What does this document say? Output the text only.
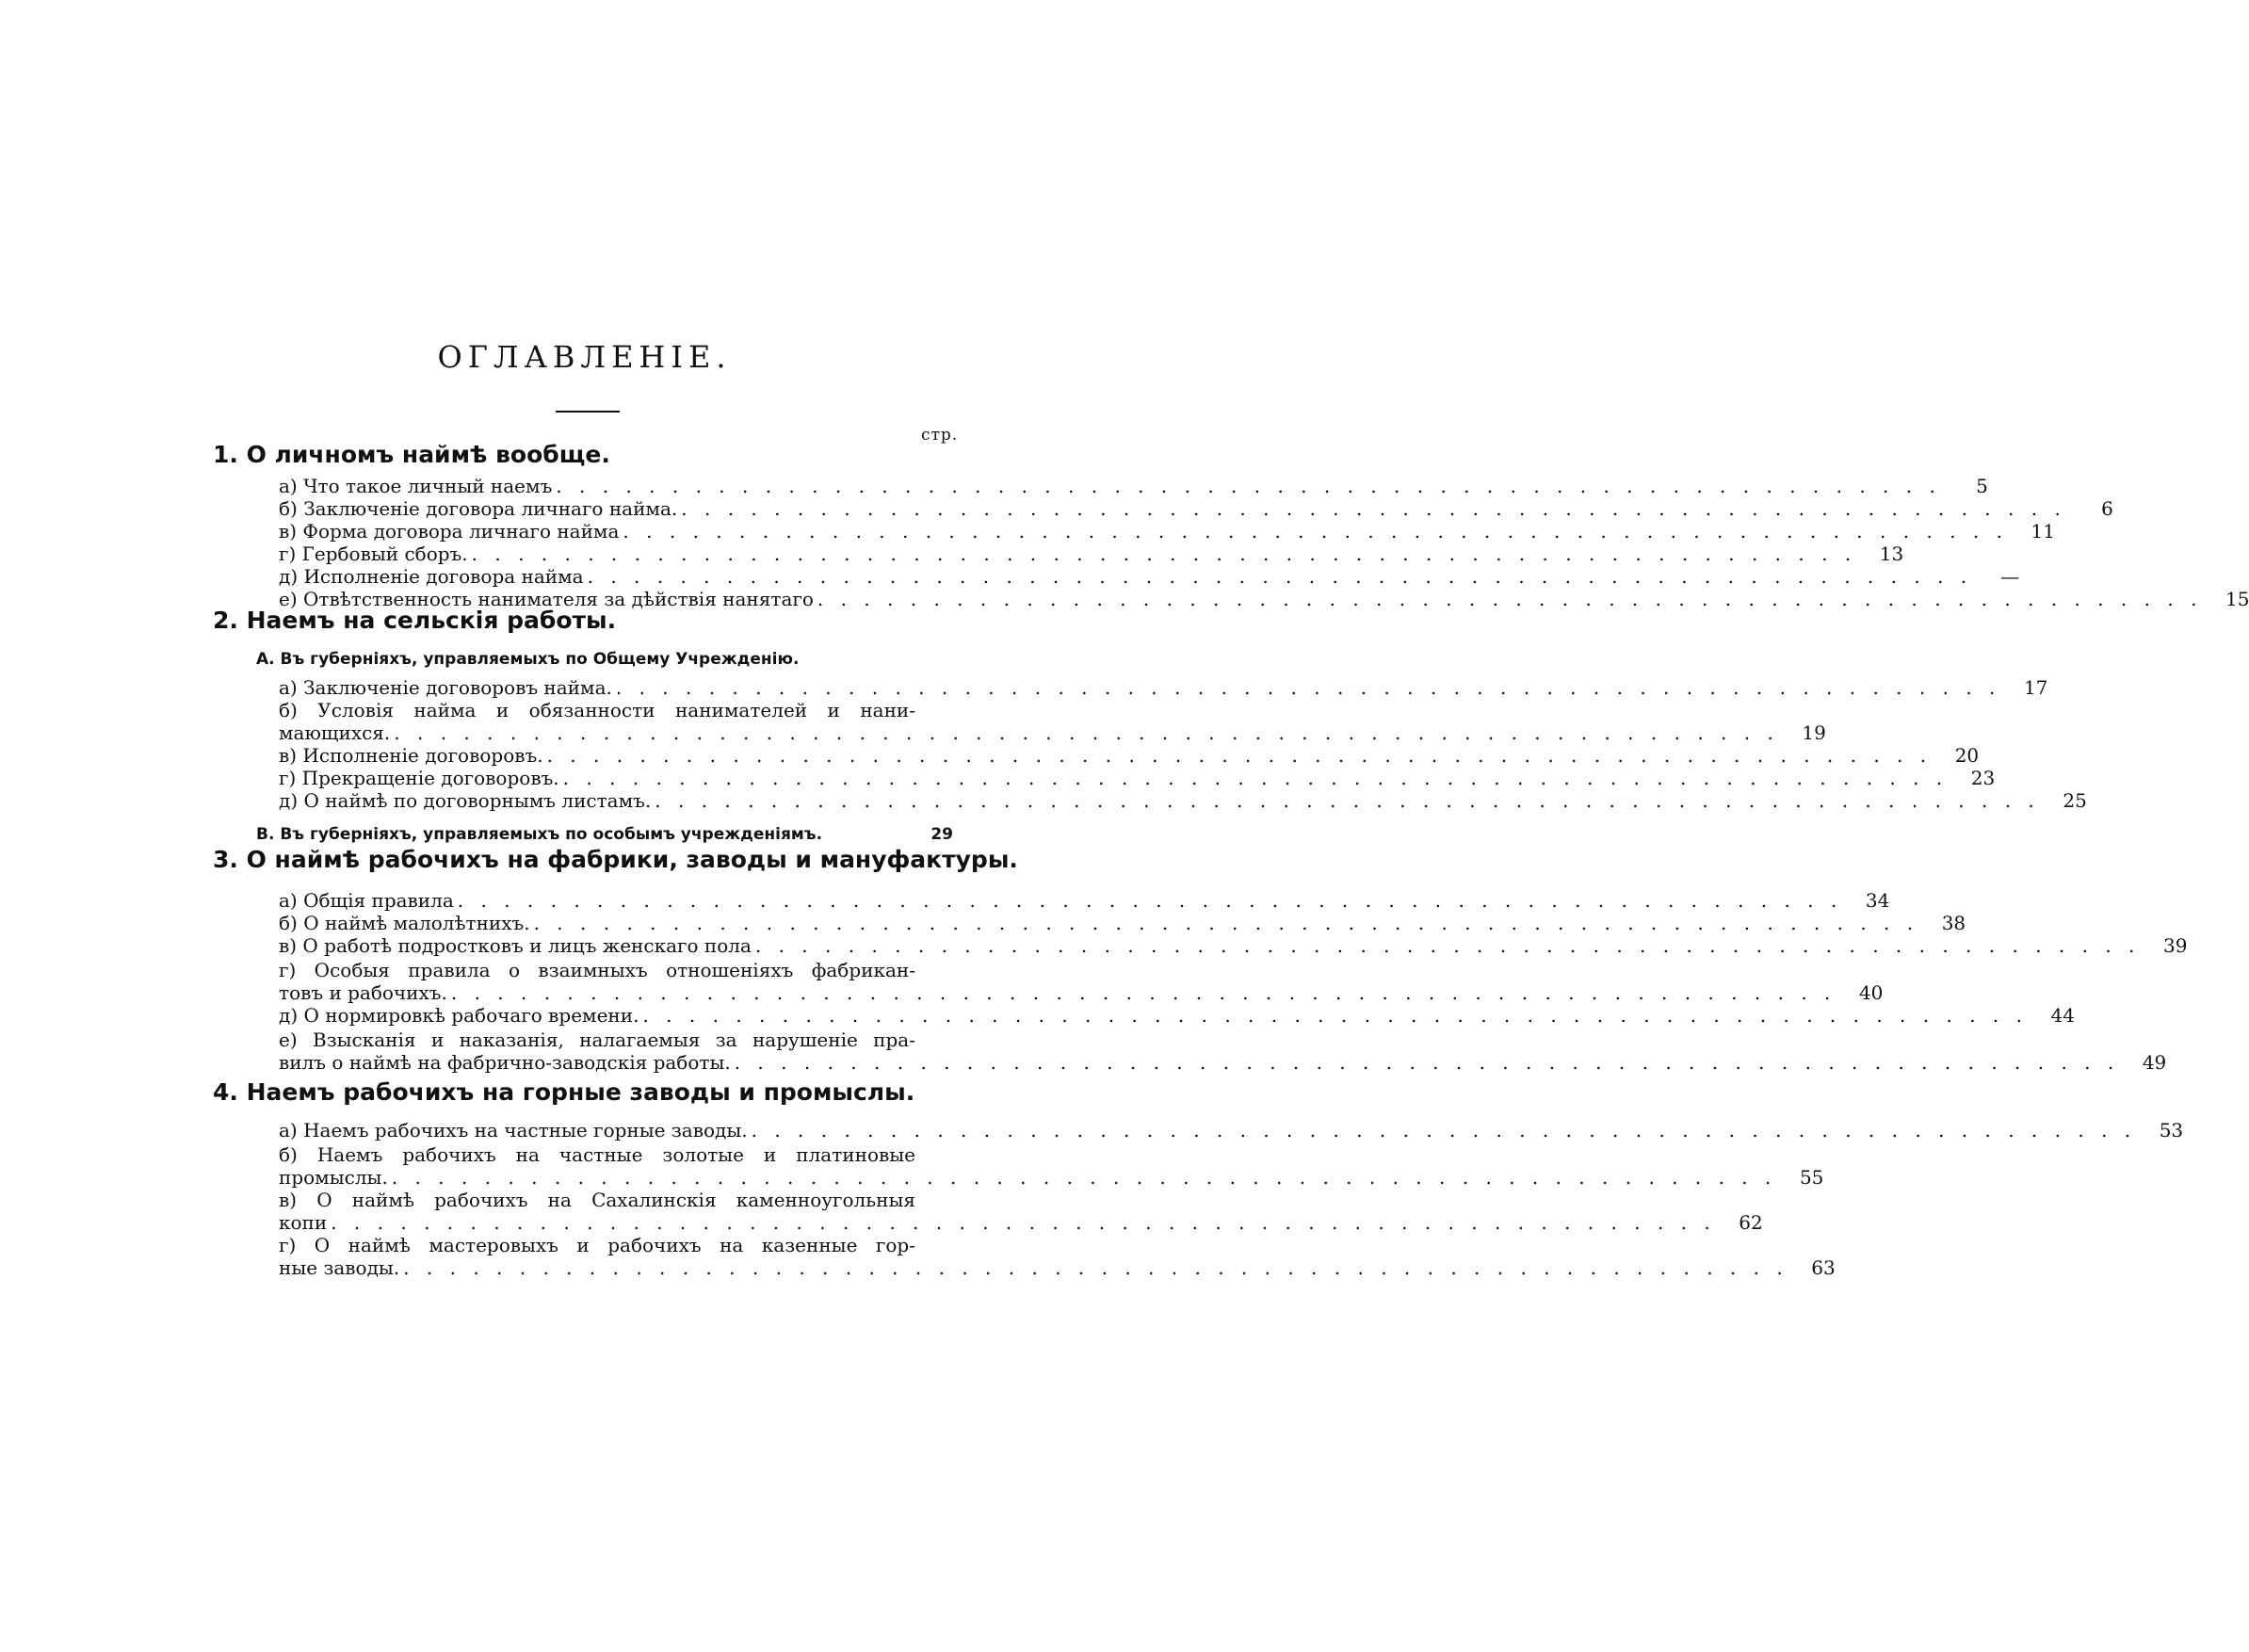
ОГЛАВЛЕНІЕ.
стр.
1. О личномъ наймѣ вообще.
а) Что такое личный наемъ . . . . . . . . . . . . . . . . . . . . . . . . . . . . . . . . . . . . . . . . . . . . . . . . . . . . . . . . . . . .	5
б) Заключеніе договора личнаго найма. . . . . . . . . . . . . . . . . . . . . . . . . . . . . . . . . . . . . . . . . . . . . . . . . . . . . . . . . . . . .	6
в) Форма договора личнаго найма . . . . . . . . . . . . . . . . . . . . . . . . . . . . . . . . . . . . . . . . . . . . . . . . . . . . . . . . . . . .	11
г) Гербовый сборъ. . . . . . . . . . . . . . . . . . . . . . . . . . . . . . . . . . . . . . . . . . . . . . . . . . . . . . . . . . . . .	13
д) Исполненіе договора найма . . . . . . . . . . . . . . . . . . . . . . . . . . . . . . . . . . . . . . . . . . . . . . . . . . . . . . . . . . . .	—
е) Отвѣтственность нанимателя за дѣйствія нанятаго . . . . . . . . . . . . . . . . . . . . . . . . . . . . . . . . . . . . . . . . . . . . . . . . . . . . . . . . . . . .	15
2. Наемъ на сельскія работы.
А. Въ губерніяхъ, управляемыхъ по Общему Учрежденію.
а) Заключеніе договоровъ найма. . . . . . . . . . . . . . . . . . . . . . . . . . . . . . . . . . . . . . . . . . . . . . . . . . . . . . . . . . . . .	17
б) Условія найма и обязанности нанимателей и нани-
мающихся. . . . . . . . . . . . . . . . . . . . . . . . . . . . . . . . . . . . . . . . . . . . . . . . . . . . . . . . . . . . .	19
в) Исполненіе договоровъ. . . . . . . . . . . . . . . . . . . . . . . . . . . . . . . . . . . . . . . . . . . . . . . . . . . . . . . . . . . . .	20
г) Прекращеніе договоровъ. . . . . . . . . . . . . . . . . . . . . . . . . . . . . . . . . . . . . . . . . . . . . . . . . . . . . . . . . . . . .	23
д) О наймѣ по договорнымъ листамъ. . . . . . . . . . . . . . . . . . . . . . . . . . . . . . . . . . . . . . . . . . . . . . . . . . . . . . . . . . . . .	25
В. Въ губерніяхъ, управляемыхъ по особымъ учрежденіямъ.	29
3. О наймѣ рабочихъ на фабрики, заводы и мануфактуры.
а) Общія правила . . . . . . . . . . . . . . . . . . . . . . . . . . . . . . . . . . . . . . . . . . . . . . . . . . . . . . . . . . . .	34
б) О наймѣ малолѣтнихъ. . . . . . . . . . . . . . . . . . . . . . . . . . . . . . . . . . . . . . . . . . . . . . . . . . . . . . . . . . . . .	38
в) О работѣ подростковъ и лицъ женскаго пола . . . . . . . . . . . . . . . . . . . . . . . . . . . . . . . . . . . . . . . . . . . . . . . . . . . . . . . . . . . .	39
г) Особыя правила о взаимныхъ отношеніяхъ фабрикан-
товъ и рабочихъ. . . . . . . . . . . . . . . . . . . . . . . . . . . . . . . . . . . . . . . . . . . . . . . . . . . . . . . . . . . . .	40
д) О нормировкѣ рабочаго времени. . . . . . . . . . . . . . . . . . . . . . . . . . . . . . . . . . . . . . . . . . . . . . . . . . . . . . . . . . . . .	44
е) Взысканія и наказанія, налагаемыя за нарушеніе пра-
вилъ о наймѣ на фабрично-заводскія работы. . . . . . . . . . . . . . . . . . . . . . . . . . . . . . . . . . . . . . . . . . . . . . . . . . . . . . . . . . . . .	49
4. Наемъ рабочихъ на горные заводы и промыслы.
а) Наемъ рабочихъ на частные горные заводы. . . . . . . . . . . . . . . . . . . . . . . . . . . . . . . . . . . . . . . . . . . . . . . . . . . . . . . . . . . . .	53
б) Наемъ рабочихъ на частные золотые и платиновые
промыслы. . . . . . . . . . . . . . . . . . . . . . . . . . . . . . . . . . . . . . . . . . . . . . . . . . . . . . . . . . . . .	55
в) О наймѣ рабочихъ на Сахалинскія каменноугольныя
копи . . . . . . . . . . . . . . . . . . . . . . . . . . . . . . . . . . . . . . . . . . . . . . . . . . . . . . . . . . . .	62
г) О наймѣ мастеровыхъ и рабочихъ на казенные гор-
ные заводы. . . . . . . . . . . . . . . . . . . . . . . . . . . . . . . . . . . . . . . . . . . . . . . . . . . . . . . . . . . . .	63
